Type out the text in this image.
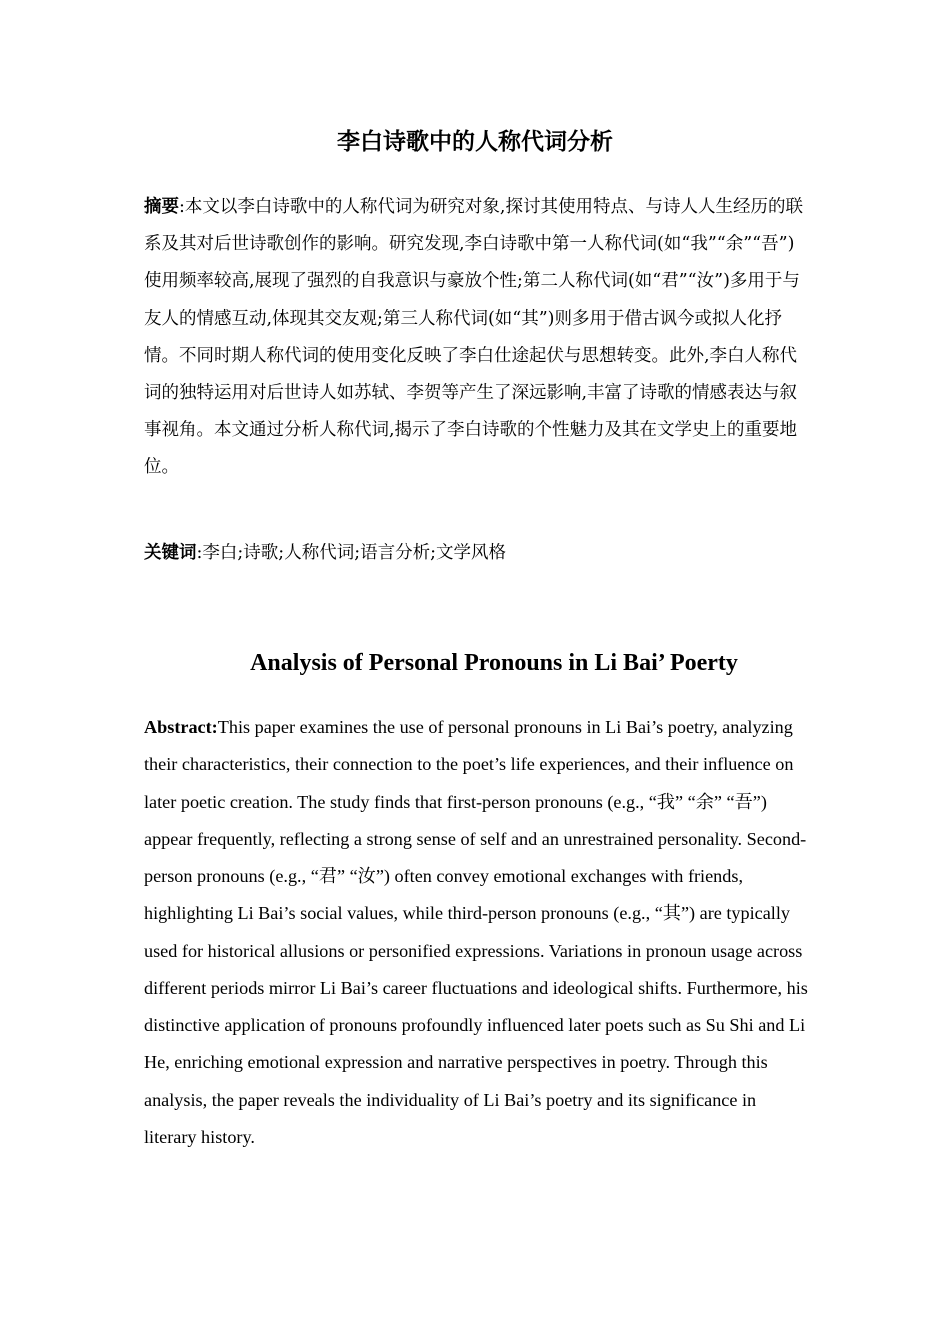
李白诗歌中的人称代词分析

摘要:本文以李白诗歌中的人称代词为研究对象,探讨其使用特点、与诗人人生经历的联系及其对后世诗歌创作的影响。研究发现,李白诗歌中第一人称代词(如“我”“余”“吾”)使用频率较高,展现了强烈的自我意识与豪放个性;第二人称代词(如“君”“汝”)多用于与友人的情感互动,体现其交友观;第三人称代词(如“其”)则多用于借古讽今或拟人化抒情。不同时期人称代词的使用变化反映了李白仕途起伏与思想转变。此外,李白人称代词的独特运用对后世诗人如苏轼、李贺等产生了深远影响,丰富了诗歌的情感表达与叙事视角。本文通过分析人称代词,揭示了李白诗歌的个性魅力及其在文学史上的重要地位。

关键词:李白;诗歌;人称代词;语言分析;文学风格

Analysis of Personal Pronouns in Li Bai’ Poerty

Abstract:This paper examines the use of personal pronouns in Li Bai’s poetry, analyzing their characteristics, their connection to the poet’s life experiences, and their influence on later poetic creation. The study finds that first-person pronouns (e.g., “我” “余” “吾”) appear frequently, reflecting a strong sense of self and an unrestrained personality. Second-person pronouns (e.g., “君” “汝”) often convey emotional exchanges with friends, highlighting Li Bai’s social values, while third-person pronouns (e.g., “其”) are typically used for historical allusions or personified expressions. Variations in pronoun usage across different periods mirror Li Bai’s career fluctuations and ideological shifts. Furthermore, his distinctive application of pronouns profoundly influenced later poets such as Su Shi and Li He, enriching emotional expression and narrative perspectives in poetry. Through this analysis, the paper reveals the individuality of Li Bai’s poetry and its significance in literary history.
